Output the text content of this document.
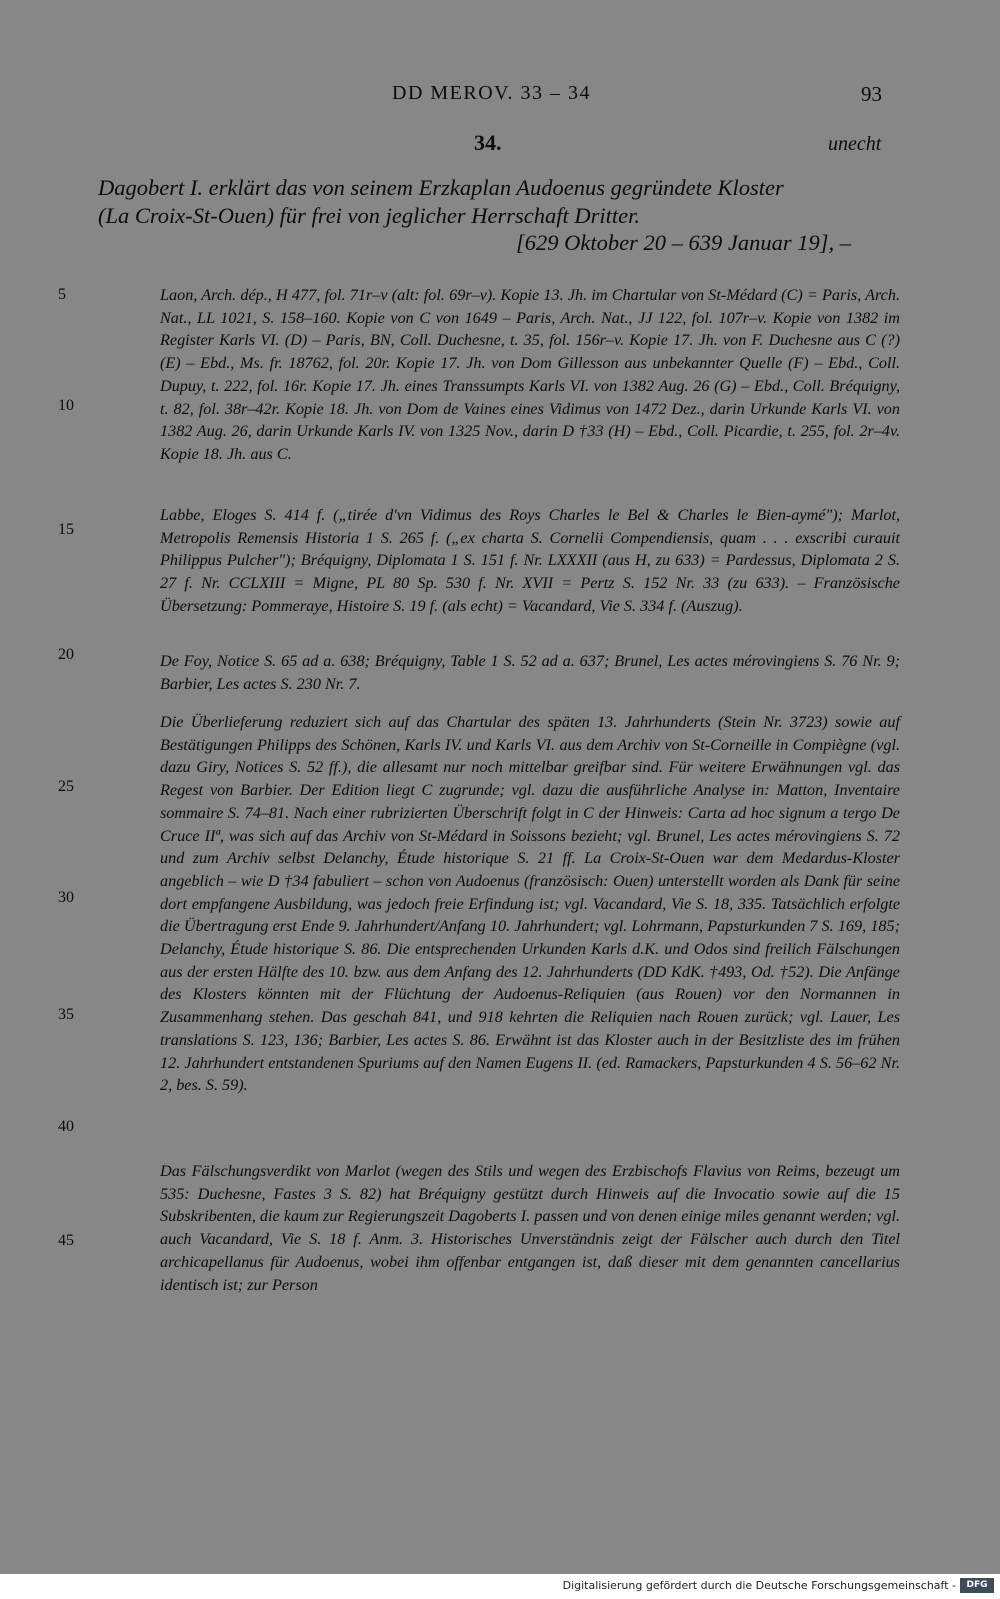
DD MEROV. 33 – 34	93
34.	unecht
Dagobert I. erklärt das von seinem Erzkaplan Audoenus gegründete Kloster
(La Croix-St-Ouen) für frei von jeglicher Herrschaft Dritter.
[629 Oktober 20 – 639 Januar 19], –
5
10
15
20
25
30
35
40
45
Laon, Arch. dép., H 477, fol. 71r–v (alt: fol. 69r–v). Kopie 13. Jh. im Chartular von St-Médard (C) = Paris, Arch. Nat., LL 1021, S. 158–160. Kopie von C von 1649 – Paris, Arch. Nat., JJ 122, fol. 107r–v. Kopie von 1382 im Register Karls VI. (D) – Paris, BN, Coll. Duchesne, t. 35, fol. 156r–v. Kopie 17. Jh. von F. Duchesne aus C (?) (E) – Ebd., Ms. fr. 18762, fol. 20r. Kopie 17. Jh. von Dom Gillesson aus unbekannter Quelle (F) – Ebd., Coll. Dupuy, t. 222, fol. 16r. Kopie 17. Jh. eines Transsumpts Karls VI. von 1382 Aug. 26 (G) – Ebd., Coll. Bréquigny, t. 82, fol. 38r–42r. Kopie 18. Jh. von Dom de Vaines eines Vidimus von 1472 Dez., darin Urkunde Karls VI. von 1382 Aug. 26, darin Urkunde Karls IV. von 1325 Nov., darin D †33 (H) – Ebd., Coll. Picardie, t. 255, fol. 2r–4v. Kopie 18. Jh. aus C.
Labbe, Eloges S. 414 f. („tirée d'vn Vidimus des Roys Charles le Bel & Charles le Bien-aymé"); Marlot, Metropolis Remensis Historia 1 S. 265 f. („ex charta S. Cornelii Compendiensis, quam . . . exscribi curauit Philippus Pulcher"); Bréquigny, Diplomata 1 S. 151 f. Nr. LXXXII (aus H, zu 633) = Pardessus, Diplomata 2 S. 27 f. Nr. CCLXIII = Migne, PL 80 Sp. 530 f. Nr. XVII = Pertz S. 152 Nr. 33 (zu 633). – Französische Übersetzung: Pommeraye, Histoire S. 19 f. (als echt) = Vacandard, Vie S. 334 f. (Auszug).
De Foy, Notice S. 65 ad a. 638; Bréquigny, Table 1 S. 52 ad a. 637; Brunel, Les actes mérovingiens S. 76 Nr. 9; Barbier, Les actes S. 230 Nr. 7.
Die Überlieferung reduziert sich auf das Chartular des späten 13. Jahrhunderts (Stein Nr. 3723) sowie auf Bestätigungen Philipps des Schönen, Karls IV. und Karls VI. aus dem Archiv von St-Corneille in Compiègne (vgl. dazu Giry, Notices S. 52 ff.), die allesamt nur noch mittelbar greifbar sind. Für weitere Erwähnungen vgl. das Regest von Barbier. Der Edition liegt C zugrunde; vgl. dazu die ausführliche Analyse in: Matton, Inventaire sommaire S. 74–81. Nach einer rubrizierten Überschrift folgt in C der Hinweis: Carta ad hoc signum a tergo De Cruce IIª, was sich auf das Archiv von St-Médard in Soissons bezieht; vgl. Brunel, Les actes mérovingiens S. 72 und zum Archiv selbst Delanchy, Étude historique S. 21 ff. La Croix-St-Ouen war dem Medardus-Kloster angeblich – wie D †34 fabuliert – schon von Audoenus (französisch: Ouen) unterstellt worden als Dank für seine dort empfangene Ausbildung, was jedoch freie Erfindung ist; vgl. Vacandard, Vie S. 18, 335. Tatsächlich erfolgte die Übertragung erst Ende 9. Jahrhundert/Anfang 10. Jahrhundert; vgl. Lohrmann, Papsturkunden 7 S. 169, 185; Delanchy, Étude historique S. 86. Die entsprechenden Urkunden Karls d.K. und Odos sind freilich Fälschungen aus der ersten Hälfte des 10. bzw. aus dem Anfang des 12. Jahrhunderts (DD KdK. †493, Od. †52). Die Anfänge des Klosters könnten mit der Flüchtung der Audoenus-Reliquien (aus Rouen) vor den Normannen in Zusammenhang stehen. Das geschah 841, und 918 kehrten die Reliquien nach Rouen zurück; vgl. Lauer, Les translations S. 123, 136; Barbier, Les actes S. 86. Erwähnt ist das Kloster auch in der Besitzliste des im frühen 12. Jahrhundert entstandenen Spuriums auf den Namen Eugens II. (ed. Ramackers, Papsturkunden 4 S. 56–62 Nr. 2, bes. S. 59).
Das Fälschungsverdikt von Marlot (wegen des Stils und wegen des Erzbischofs Flavius von Reims, bezeugt um 535: Duchesne, Fastes 3 S. 82) hat Bréquigny gestützt durch Hinweis auf die Invocatio sowie auf die 15 Subskribenten, die kaum zur Regierungszeit Dagoberts I. passen und von denen einige miles genannt werden; vgl. auch Vacandard, Vie S. 18 f. Anm. 3. Historisches Unverständnis zeigt der Fälscher auch durch den Titel archicapellanus für Audoenus, wobei ihm offenbar entgangen ist, daß dieser mit dem genannten cancellarius identisch ist; zur Person
Digitalisierung gefördert durch die Deutsche Forschungsgemeinschaft -	DFG
